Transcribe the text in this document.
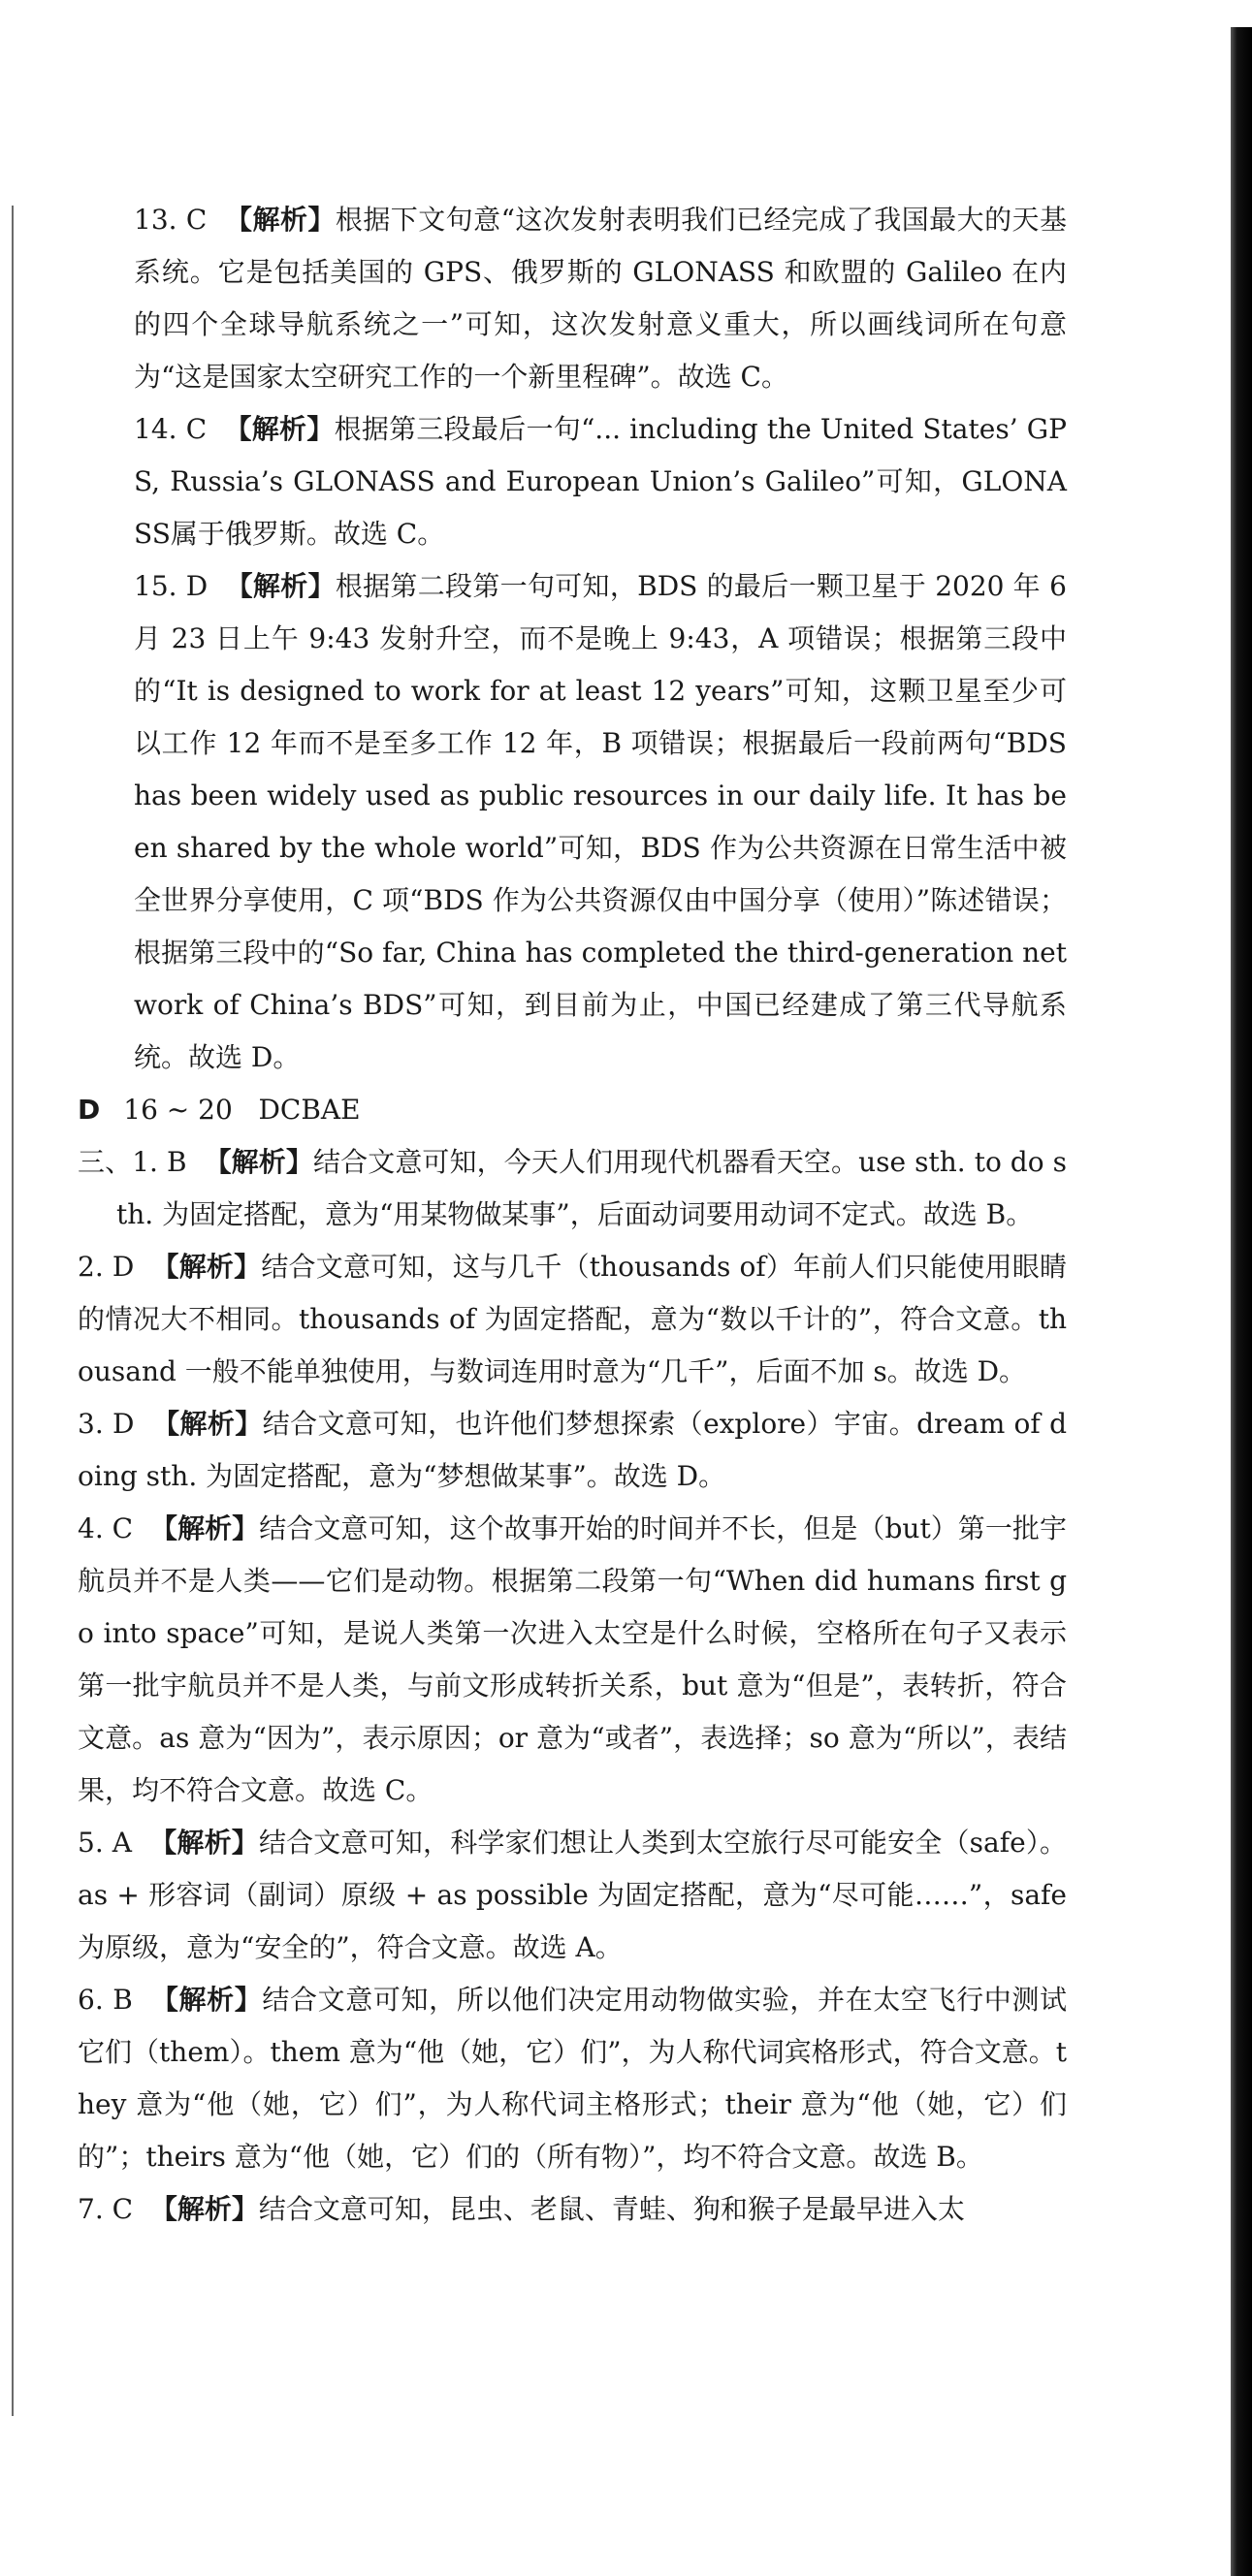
13. C 【解析】根据下文句意“这次发射表明我们已经完成了我国最大的天基系统。它是包括美国的 GPS、俄罗斯的 GLONASS 和欧盟的 Galileo 在内的四个全球导航系统之一”可知，这次发射意义重大，所以画线词所在句意为“这是国家太空研究工作的一个新里程碑”。故选 C。

14. C 【解析】根据第三段最后一句“... including the United States’ GPS, Russia’s GLONASS and European Union’s Galileo”可知，GLONASS属于俄罗斯。故选 C。

15. D 【解析】根据第二段第一句可知，BDS 的最后一颗卫星于 2020 年 6 月 23 日上午 9:43 发射升空，而不是晚上 9:43，A 项错误；根据第三段中的“It is designed to work for at least 12 years”可知，这颗卫星至少可以工作 12 年而不是至多工作 12 年，B 项错误；根据最后一段前两句“BDS has been widely used as public resources in our daily life. It has been shared by the whole world”可知，BDS 作为公共资源在日常生活中被全世界分享使用，C 项“BDS 作为公共资源仅由中国分享（使用）”陈述错误；根据第三段中的“So far, China has completed the third-generation network of China’s BDS”可知，到目前为止，中国已经建成了第三代导航系统。故选 D。

D 16 ~ 20 DCBAE

三、1. B 【解析】结合文意可知，今天人们用现代机器看天空。use sth. to do sth. 为固定搭配，意为“用某物做某事”，后面动词要用动词不定式。故选 B。

2. D 【解析】结合文意可知，这与几千（thousands of）年前人们只能使用眼睛的情况大不相同。thousands of 为固定搭配，意为“数以千计的”，符合文意。thousand 一般不能单独使用，与数词连用时意为“几千”，后面不加 s。故选 D。

3. D 【解析】结合文意可知，也许他们梦想探索（explore）宇宙。dream of doing sth. 为固定搭配，意为“梦想做某事”。故选 D。

4. C 【解析】结合文意可知，这个故事开始的时间并不长，但是（but）第一批宇航员并不是人类——它们是动物。根据第二段第一句“When did humans first go into space”可知，是说人类第一次进入太空是什么时候，空格所在句子又表示第一批宇航员并不是人类，与前文形成转折关系，but 意为“但是”，表转折，符合文意。as 意为“因为”，表示原因；or 意为“或者”，表选择；so 意为“所以”，表结果，均不符合文意。故选 C。

5. A 【解析】结合文意可知，科学家们想让人类到太空旅行尽可能安全（safe）。as + 形容词（副词）原级 + as possible 为固定搭配，意为“尽可能……”，safe 为原级，意为“安全的”，符合文意。故选 A。

6. B 【解析】结合文意可知，所以他们决定用动物做实验，并在太空飞行中测试它们（them）。them 意为“他（她，它）们”，为人称代词宾格形式，符合文意。they 意为“他（她，它）们”，为人称代词主格形式；their 意为“他（她，它）们的”；theirs 意为“他（她，它）们的（所有物）”，均不符合文意。故选 B。

7. C 【解析】结合文意可知，昆虫、老鼠、青蛙、狗和猴子是最早进入太
